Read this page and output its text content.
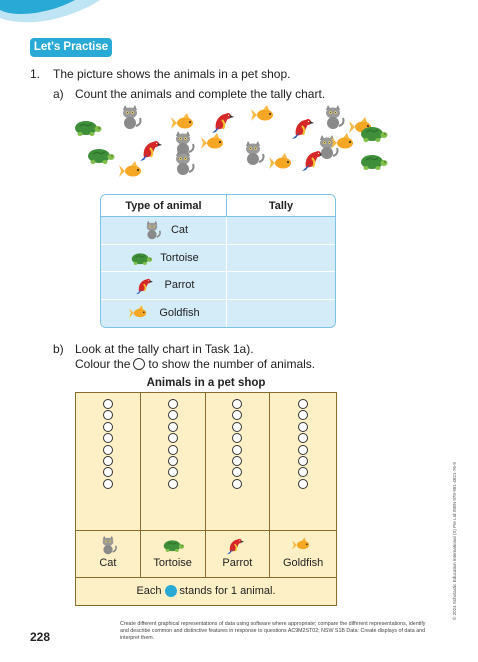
Let's Practise
1. The picture shows the animals in a pet shop.
a) Count the animals and complete the tally chart.
Type of animal	Tally
Cat
Tortoise
Parrot
Goldfish
b) Look at the tally chart in Task 1a).
Colour the to show the number of animals.
Animals in a pet shop
Cat	Tortoise	Parrot	Goldfish
Each stands for 1 animal.	© 2024 Scholastic Education International (S) Pte Ltd ISBN 978-981-4821-76-9
228
Create different graphical representations of data using software where appropriate; compare the different representations, identify and describe common and distinctive features in response to questions AC9M2ST02; NSW S1B Data: Create displays of data and interpret them.
